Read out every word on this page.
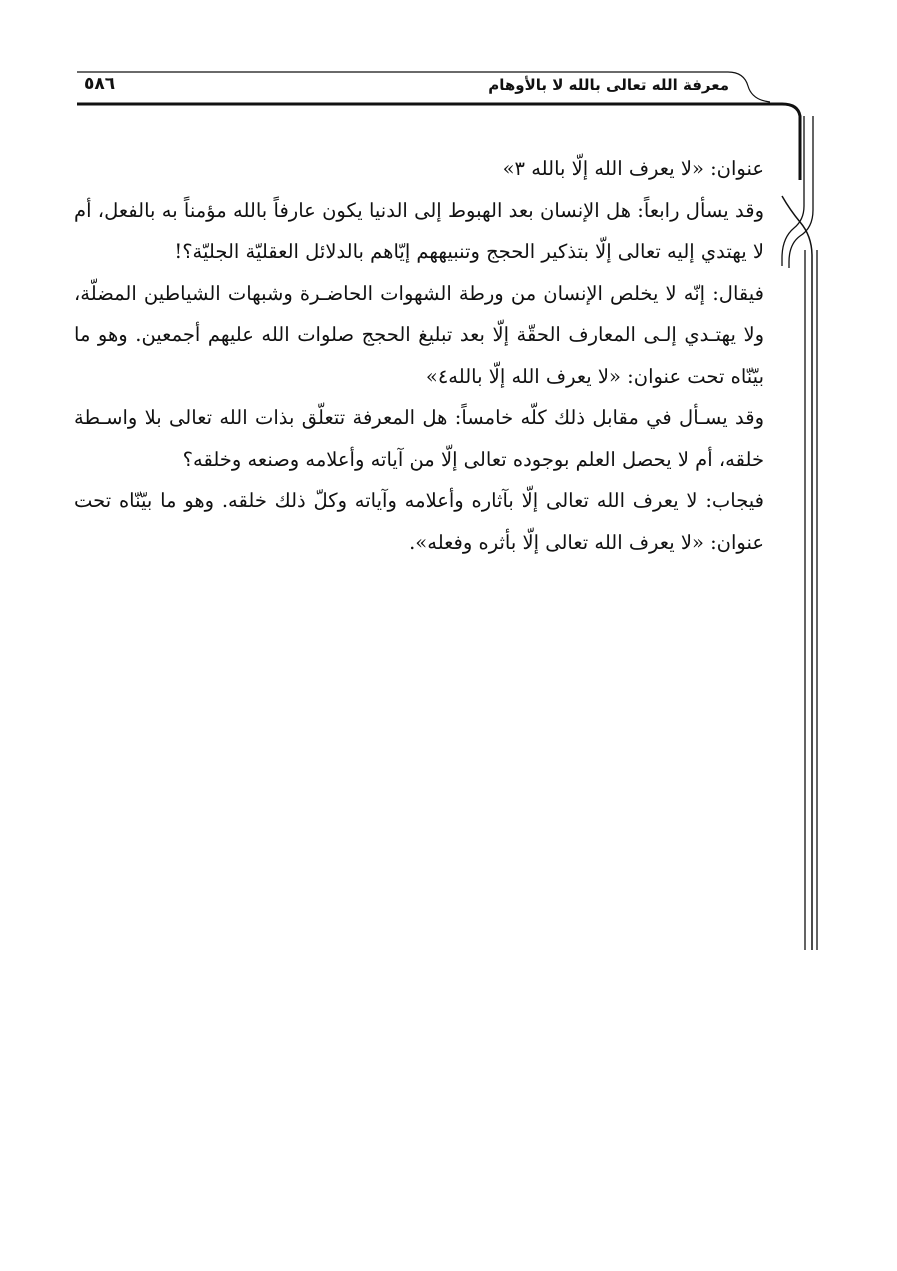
معرفة الله تعالى بالله لا بالأوهام
٥٨٦

عنوان: «لا يعرف الله إلّا بالله ٣»

وقد يسأل رابعاً: هل الإنسان بعد الهبوط إلى الدنيا يكون عارفاً بالله مؤمناً به بالفعل، أم لا يهتدي إليه تعالى إلّا بتذكير الحجج وتنبيههم إيّاهم بالدلائل العقليّة الجليّة؟!

فيقال: إنّه لا يخلص الإنسان من ورطة الشهوات الحاضـرة وشبهات الشياطين المضلّة، ولا يهتـدي إلـى المعارف الحقّة إلّا بعد تبليغ الحجج صلوات الله عليهم أجمعين. وهو ما بيّنّاه تحت عنوان: «لا يعرف الله إلّا بالله٤»

وقد يسـأل في مقابل ذلك كلّه خامساً: هل المعرفة تتعلّق بذات الله تعالى بلا واسـطة خلقه، أم لا يحصل العلم بوجوده تعالى إلّا من آياته وأعلامه وصنعه وخلقه؟

فيجاب: لا يعرف الله تعالى إلّا بآثاره وأعلامه وآياته وكلّ ذلك خلقه. وهو ما بيّنّاه تحت عنوان: «لا يعرف الله تعالى إلّا بأثره وفعله».
